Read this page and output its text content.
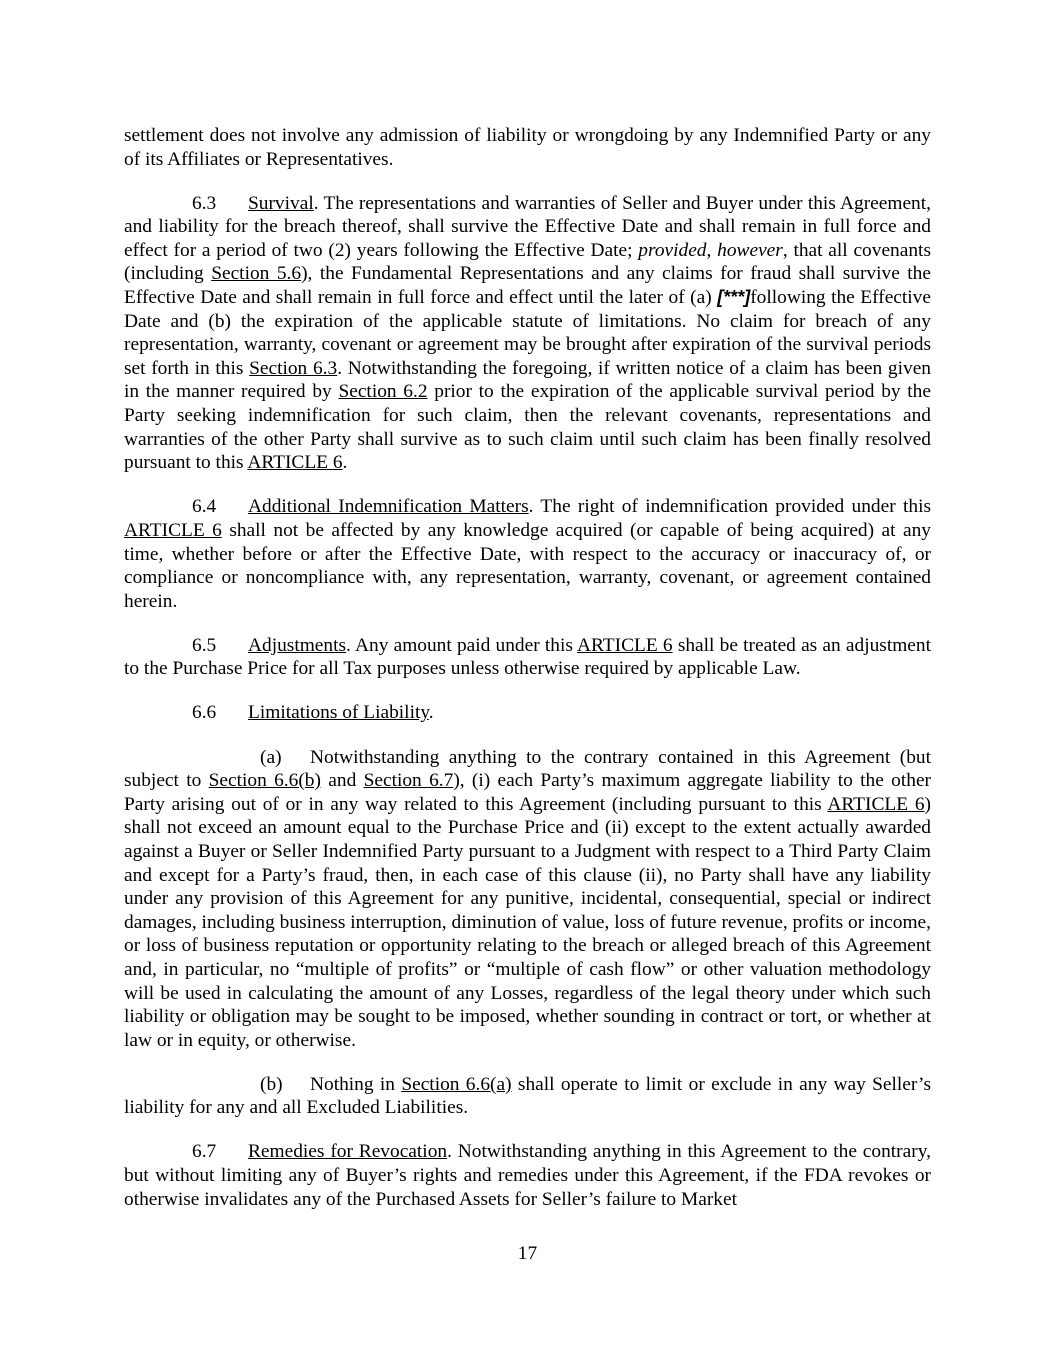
settlement does not involve any admission of liability or wrongdoing by any Indemnified Party or any of its Affiliates or Representatives.

6.3 Survival. The representations and warranties of Seller and Buyer under this Agreement, and liability for the breach thereof, shall survive the Effective Date and shall remain in full force and effect for a period of two (2) years following the Effective Date; provided, however, that all covenants (including Section 5.6), the Fundamental Representations and any claims for fraud shall survive the Effective Date and shall remain in full force and effect until the later of (a) [***]following the Effective Date and (b) the expiration of the applicable statute of limitations. No claim for breach of any representation, warranty, covenant or agreement may be brought after expiration of the survival periods set forth in this Section 6.3. Notwithstanding the foregoing, if written notice of a claim has been given in the manner required by Section 6.2 prior to the expiration of the applicable survival period by the Party seeking indemnification for such claim, then the relevant covenants, representations and warranties of the other Party shall survive as to such claim until such claim has been finally resolved pursuant to this ARTICLE 6.

6.4 Additional Indemnification Matters. The right of indemnification provided under this ARTICLE 6 shall not be affected by any knowledge acquired (or capable of being acquired) at any time, whether before or after the Effective Date, with respect to the accuracy or inaccuracy of, or compliance or noncompliance with, any representation, warranty, covenant, or agreement contained herein.

6.5 Adjustments. Any amount paid under this ARTICLE 6 shall be treated as an adjustment to the Purchase Price for all Tax purposes unless otherwise required by applicable Law.

6.6 Limitations of Liability.

(a) Notwithstanding anything to the contrary contained in this Agreement (but subject to Section 6.6(b) and Section 6.7), (i) each Party’s maximum aggregate liability to the other Party arising out of or in any way related to this Agreement (including pursuant to this ARTICLE 6) shall not exceed an amount equal to the Purchase Price and (ii) except to the extent actually awarded against a Buyer or Seller Indemnified Party pursuant to a Judgment with respect to a Third Party Claim and except for a Party’s fraud, then, in each case of this clause (ii), no Party shall have any liability under any provision of this Agreement for any punitive, incidental, consequential, special or indirect damages, including business interruption, diminution of value, loss of future revenue, profits or income, or loss of business reputation or opportunity relating to the breach or alleged breach of this Agreement and, in particular, no “multiple of profits” or “multiple of cash flow” or other valuation methodology will be used in calculating the amount of any Losses, regardless of the legal theory under which such liability or obligation may be sought to be imposed, whether sounding in contract or tort, or whether at law or in equity, or otherwise.

(b) Nothing in Section 6.6(a) shall operate to limit or exclude in any way Seller’s liability for any and all Excluded Liabilities.

6.7 Remedies for Revocation. Notwithstanding anything in this Agreement to the contrary, but without limiting any of Buyer’s rights and remedies under this Agreement, if the FDA revokes or otherwise invalidates any of the Purchased Assets for Seller’s failure to Market

17
